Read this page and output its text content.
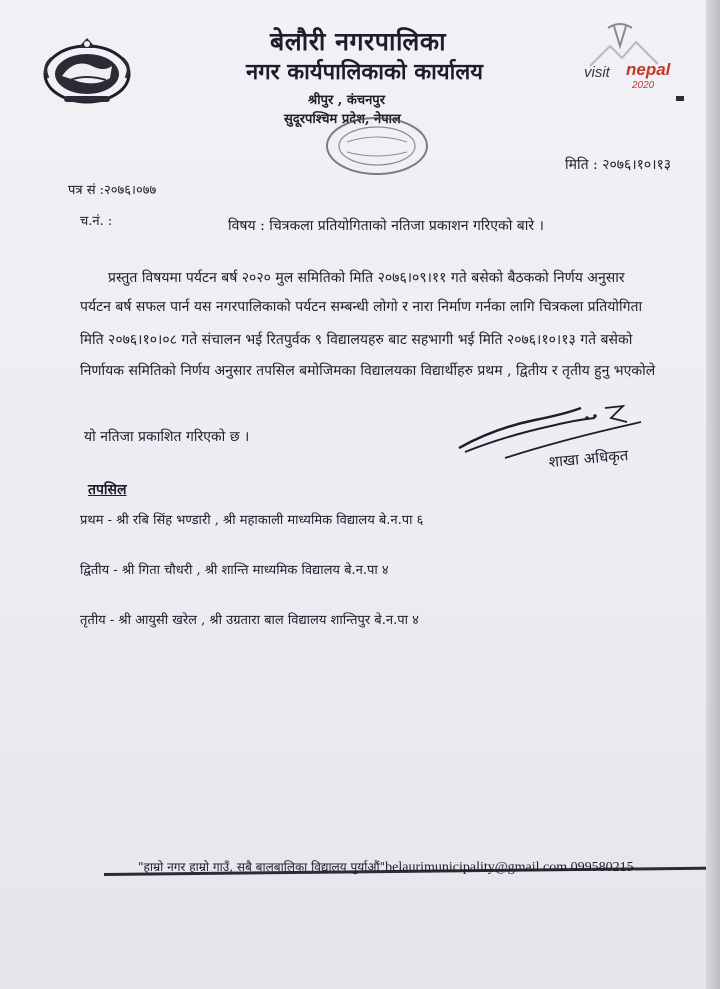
visit nepal
2020
बेलौरी नगरपालिका
नगर कार्यपालिकाको कार्यालय
श्रीपुर , कंचनपुर
सुदूरपश्चिम प्रदेश, नेपाल
मिति : २०७६।१०।१३
पत्र सं :२०७६।०७७
च.नं. :	विषय : चित्रकला प्रतियोगिताको नतिजा प्रकाशन गरिएको बारे ।
प्रस्तुत विषयमा पर्यटन बर्ष २०२० मुल समितिको मिति २०७६।०९।११ गते बसेको बैठकको निर्णय अनुसार
पर्यटन बर्ष सफल पार्न यस नगरपालिकाको पर्यटन सम्बन्धी लोगो र नारा निर्माण गर्नका लागि चित्रकला प्रतियोगिता
मिति २०७६।१०।०८ गते संचालन भई रितपुर्वक ९ विद्यालयहरु बाट सहभागी भई मिति २०७६।१०।१३ गते बसेको
निर्णायक समितिको निर्णय अनुसार तपसिल बमोजिमका विद्यालयका विद्यार्थीहरु प्रथम , द्वितीय र तृतीय हुनु भएकोले
यो नतिजा प्रकाशित गरिएको छ ।
शाखा अधिकृत
तपसिल
प्रथम - श्री रबि सिंह भण्डारी , श्री महाकाली माध्यमिक विद्यालय बे.न.पा ६
द्वितीय - श्री गिता चौधरी , श्री शान्ति माध्यमिक विद्यालय बे.न.पा ४
तृतीय - श्री आयुसी खरेल , श्री उग्रतारा बाल विद्यालय शान्तिपुर बे.न.पा ४
"हाम्रो नगर हाम्रो गाउँ, सबै बालबालिका विद्यालय पुर्याऔं"belaurimunicipality@gmail.com 099580215
